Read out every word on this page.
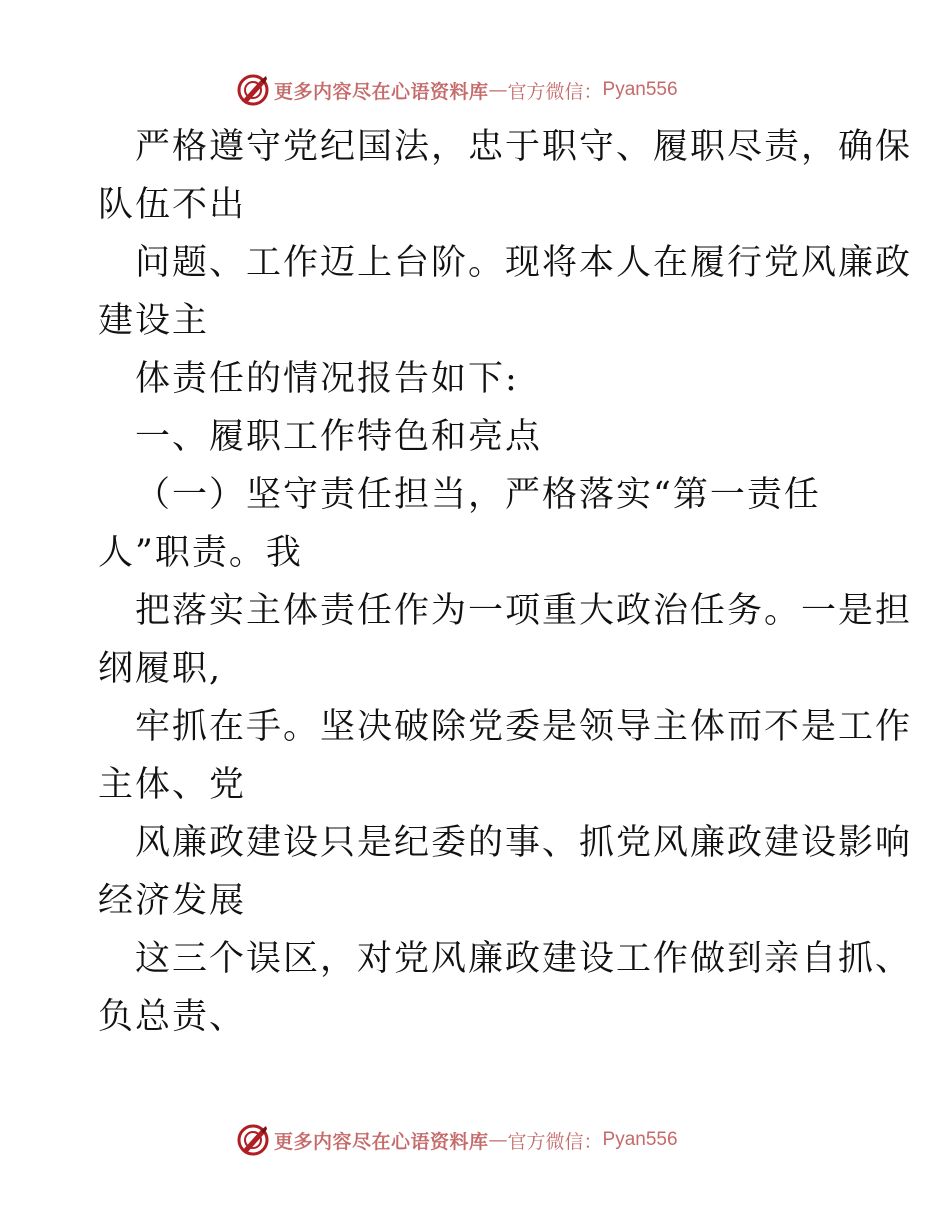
更多内容尽在心语资料库 — 官方微信： Pyan556
严格遵守党纪国法，忠于职守、履职尽责，确保
队伍不出
问题、工作迈上台阶。现将本人在履行党风廉政
建设主
体责任的情况报告如下:
一、履职工作特色和亮点
（一）坚守责任担当，严格落实“第一责任
人”职责。我
把落实主体责任作为一项重大政治任务。一是担
纲履职,
牢抓在手。坚决破除党委是领导主体而不是工作
主体、党
风廉政建设只是纪委的事、抓党风廉政建设影响
经济发展
这三个误区，对党风廉政建设工作做到亲自抓、
负总责、
更多内容尽在心语资料库 — 官方微信： Pyan556
